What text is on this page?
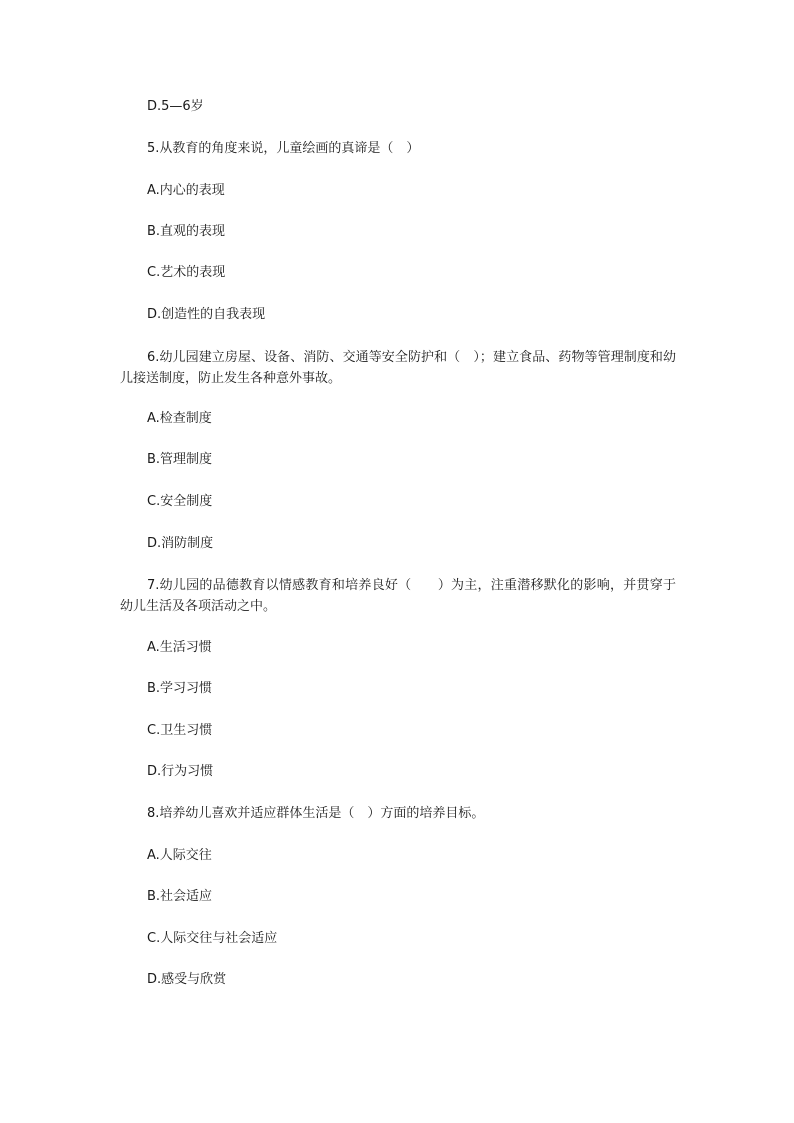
D.5—6岁
5.从教育的角度来说，儿童绘画的真谛是（　）
A.内心的表现
B.直观的表现
C.艺术的表现
D.创造性的自我表现
6.幼儿园建立房屋、设备、消防、交通等安全防护和（　）；建立食品、药物等管理制度和幼儿接送制度，防止发生各种意外事故。
A.检查制度
B.管理制度
C.安全制度
D.消防制度
7.幼儿园的品德教育以情感教育和培养良好（　　）为主，注重潜移默化的影响，并贯穿于幼儿生活及各项活动之中。
A.生活习惯
B.学习习惯
C.卫生习惯
D.行为习惯
8.培养幼儿喜欢并适应群体生活是（　）方面的培养目标。
A.人际交往
B.社会适应
C.人际交往与社会适应
D.感受与欣赏
